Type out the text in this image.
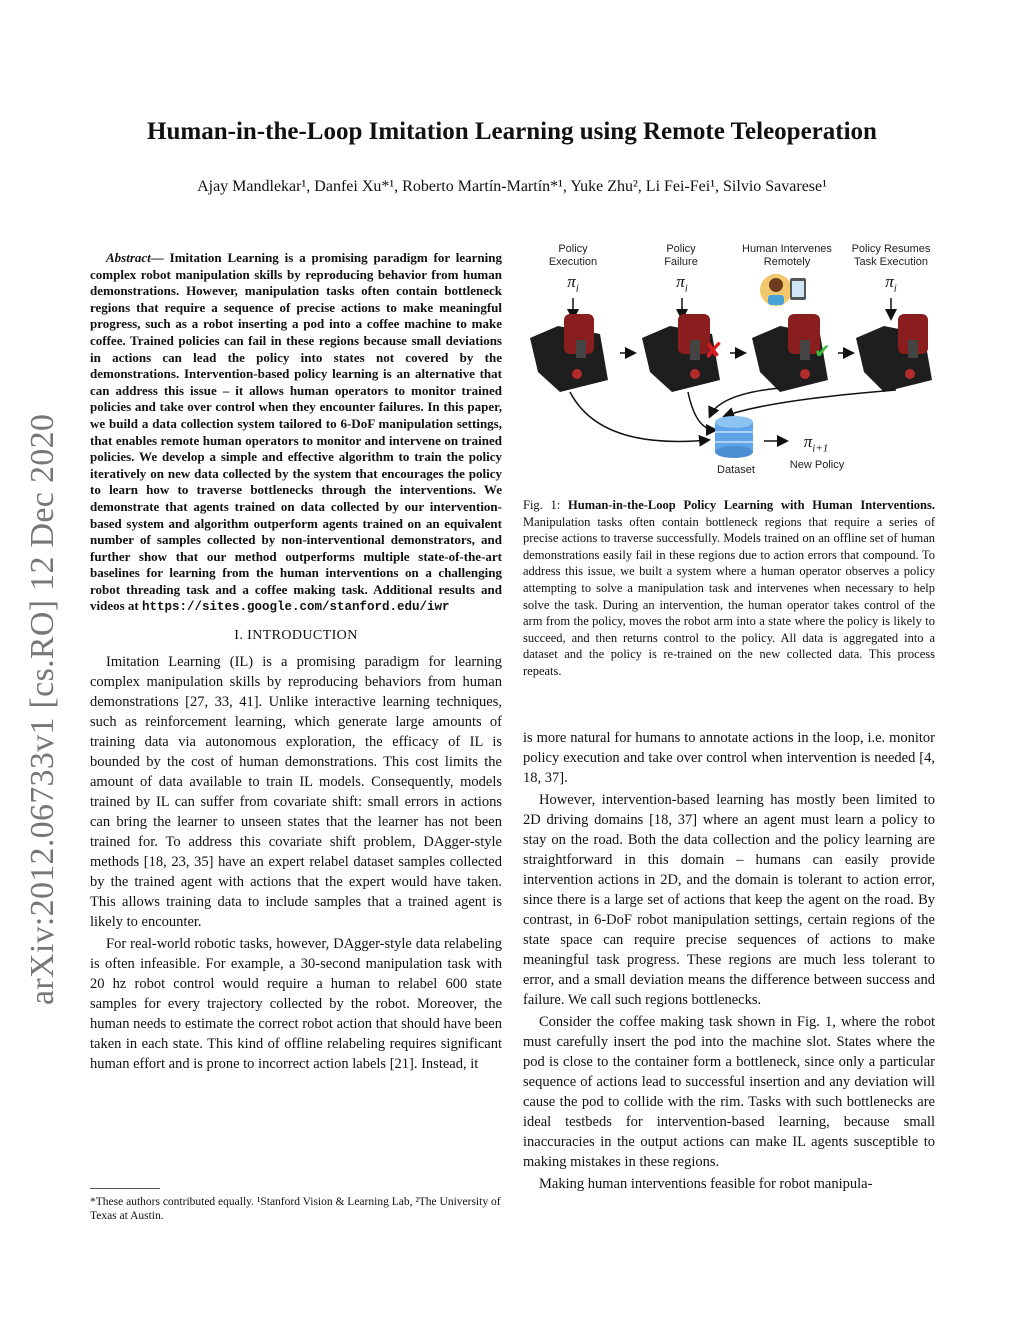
arXiv:2012.06733v1 [cs.RO] 12 Dec 2020
Human-in-the-Loop Imitation Learning using Remote Teleoperation
Ajay Mandlekar¹, Danfei Xu*¹, Roberto Martín-Martín*¹, Yuke Zhu², Li Fei-Fei¹, Silvio Savarese¹

Abstract— Imitation Learning is a promising paradigm for learning complex robot manipulation skills by reproducing behavior from human demonstrations. However, manipulation tasks often contain bottleneck regions that require a sequence of precise actions to make meaningful progress, such as a robot inserting a pod into a coffee machine to make coffee. Trained policies can fail in these regions because small deviations in actions can lead the policy into states not covered by the demonstrations. Intervention-based policy learning is an alternative that can address this issue – it allows human operators to monitor trained policies and take over control when they encounter failures. In this paper, we build a data collection system tailored to 6-DoF manipulation settings, that enables remote human operators to monitor and intervene on trained policies. We develop a simple and effective algorithm to train the policy iteratively on new data collected by the system that encourages the policy to learn how to traverse bottlenecks through the interventions. We demonstrate that agents trained on data collected by our intervention-based system and algorithm outperform agents trained on an equivalent number of samples collected by non-interventional demonstrators, and further show that our method outperforms multiple state-of-the-art baselines for learning from the human interventions on a challenging robot threading task and a coffee making task. Additional results and videos at https://sites.google.com/stanford.edu/iwr

I. INTRODUCTION

Imitation Learning (IL) is a promising paradigm for learning complex manipulation skills by reproducing behaviors from human demonstrations [27, 33, 41]. Unlike interactive learning techniques, such as reinforcement learning, which generate large amounts of training data via autonomous exploration, the efficacy of IL is bounded by the cost of human demonstrations. This cost limits the amount of data available to train IL models. Consequently, models trained by IL can suffer from covariate shift: small errors in actions can bring the learner to unseen states that the learner has not been trained for. To address this covariate shift problem, DAgger-style methods [18, 23, 35] have an expert relabel dataset samples collected by the trained agent with actions that the expert would have taken. This allows training data to include samples that a trained agent is likely to encounter.

For real-world robotic tasks, however, DAgger-style data relabeling is often infeasible. For example, a 30-second manipulation task with 20 hz robot control would require a human to relabel 600 state samples for every trajectory collected by the robot. Moreover, the human needs to estimate the correct robot action that should have been taken in each state. This kind of offline relabeling requires significant human effort and is prone to incorrect action labels [21]. Instead, it

*These authors contributed equally. ¹Stanford Vision & Learning Lab, ²The University of Texas at Austin.
Policy
Execution
Policy
Failure
Human Intervenes
Remotely
Policy Resumes
Task Execution
$\pi_i$	$\pi_i$	$\pi_i$
✘	✔
Dataset
$\pi_{i+1}$
New Policy
Fig. 1: Human-in-the-Loop Policy Learning with Human Interventions. Manipulation tasks often contain bottleneck regions that require a series of precise actions to traverse successfully. Models trained on an offline set of human demonstrations easily fail in these regions due to action errors that compound. To address this issue, we built a system where a human operator observes a policy attempting to solve a manipulation task and intervenes when necessary to help solve the task. During an intervention, the human operator takes control of the arm from the policy, moves the robot arm into a state where the policy is likely to succeed, and then returns control to the policy. All data is aggregated into a dataset and the policy is re-trained on the new collected data. This process repeats.

is more natural for humans to annotate actions in the loop, i.e. monitor policy execution and take over control when intervention is needed [4, 18, 37].

However, intervention-based learning has mostly been limited to 2D driving domains [18, 37] where an agent must learn a policy to stay on the road. Both the data collection and the policy learning are straightforward in this domain – humans can easily provide intervention actions in 2D, and the domain is tolerant to action error, since there is a large set of actions that keep the agent on the road. By contrast, in 6-DoF robot manipulation settings, certain regions of the state space can require precise sequences of actions to make meaningful task progress. These regions are much less tolerant to error, and a small deviation means the difference between success and failure. We call such regions bottlenecks.

Consider the coffee making task shown in Fig. 1, where the robot must carefully insert the pod into the machine slot. States where the pod is close to the container form a bottleneck, since only a particular sequence of actions lead to successful insertion and any deviation will cause the pod to collide with the rim. Tasks with such bottlenecks are ideal testbeds for intervention-based learning, because small inaccuracies in the output actions can make IL agents susceptible to making mistakes in these regions.

Making human interventions feasible for robot manipula-
